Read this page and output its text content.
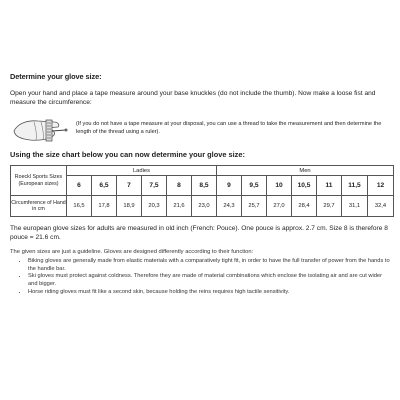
Determine your glove size:

Open your hand and place a tape measure around your base knuckles (do not include the thumb). Now make a loose fist and measure the circumference:

(If you do not have a tape measure at your disposal, you can use a thread to take the measurement and then determine the length of the thread using a ruler).

Using the size chart below you can now determine your glove size:

Roeckl Sports Sizes (European sizes)	Ladies						Men						
	6	6,5	7	7,5	8	8,5	9	9,5	10	10,5	11	11,5	12
Circumference of Hand in cm	16,5	17,8	18,9	20,3	21,6	23,0	24,3	25,7	27,0	28,4	29,7	31,1	32,4

The european glove sizes for adults are measured in old inch (French: Pouce). One pouce is approx. 2.7 cm. Size 8 is therefore 8 pouce = 21.6 cm.

The given sizes are just a guideline. Gloves are designed differently according to their function:

• Biking gloves are generally made from elastic materials with a comparatively tight fit, in order to have the full transfer of power from the hands to the handle bar.
• Ski gloves must protect against coldness. Therefore they are made of material combinations which enclose the isolating air and are cut wider and bigger.
• Horse riding gloves must fit like a second skin, because holding the reins requires high tactile sensitivity.
